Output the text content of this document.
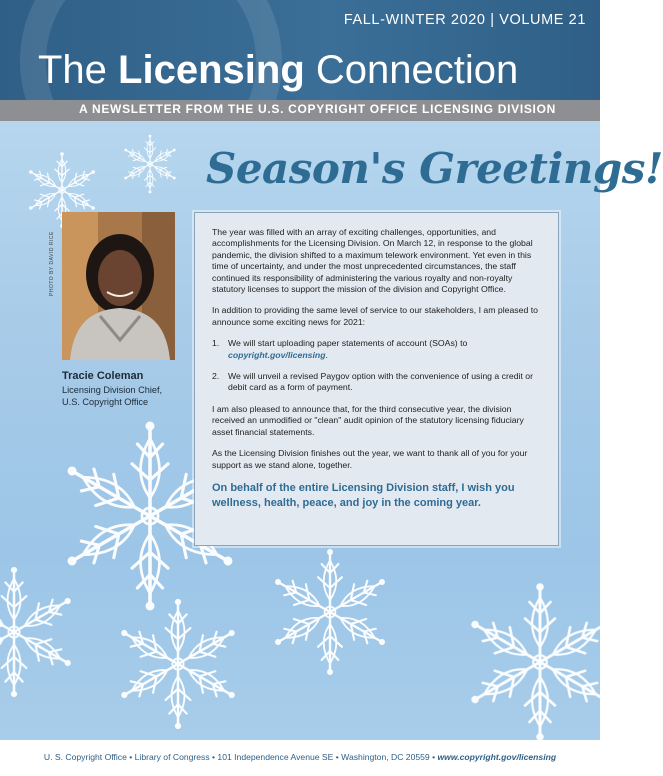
FALL-WINTER 2020 | VOLUME 21
The Licensing Connection
A NEWSLETTER FROM THE U.S. COPYRIGHT OFFICE LICENSING DIVISION
Season's Greetings!
PHOTO BY DAVID RICE
Tracie Coleman
Licensing Division Chief,
U.S. Copyright Office

The year was filled with an array of exciting challenges, opportunities, and accomplishments for the Licensing Division. On March 12, in response to the global pandemic, the division shifted to a maximum telework environment. Yet even in this time of uncertainty, and under the most unprecedented circumstances, the staff continued its responsibility of administering the various royalty and non-royalty statutory licenses to support the mission of the division and Copyright Office.

In addition to providing the same level of service to our stakeholders, I am pleased to announce some exciting news for 2021:

1. We will start uploading paper statements of account (SOAs) to copyright.gov/licensing.
2. We will unveil a revised Paygov option with the convenience of using a credit or debit card as a form of payment.

I am also pleased to announce that, for the third consecutive year, the division received an unmodified or "clean" audit opinion of the statutory licensing fiduciary asset financial statements.

As the Licensing Division finishes out the year, we want to thank all of you for your support as we stand alone, together.

On behalf of the entire Licensing Division staff, I wish you wellness, health, peace, and joy in the coming year.
U. S. Copyright Office • Library of Congress • 101 Independence Avenue SE • Washington, DC 20559 • www.copyright.gov/licensing
